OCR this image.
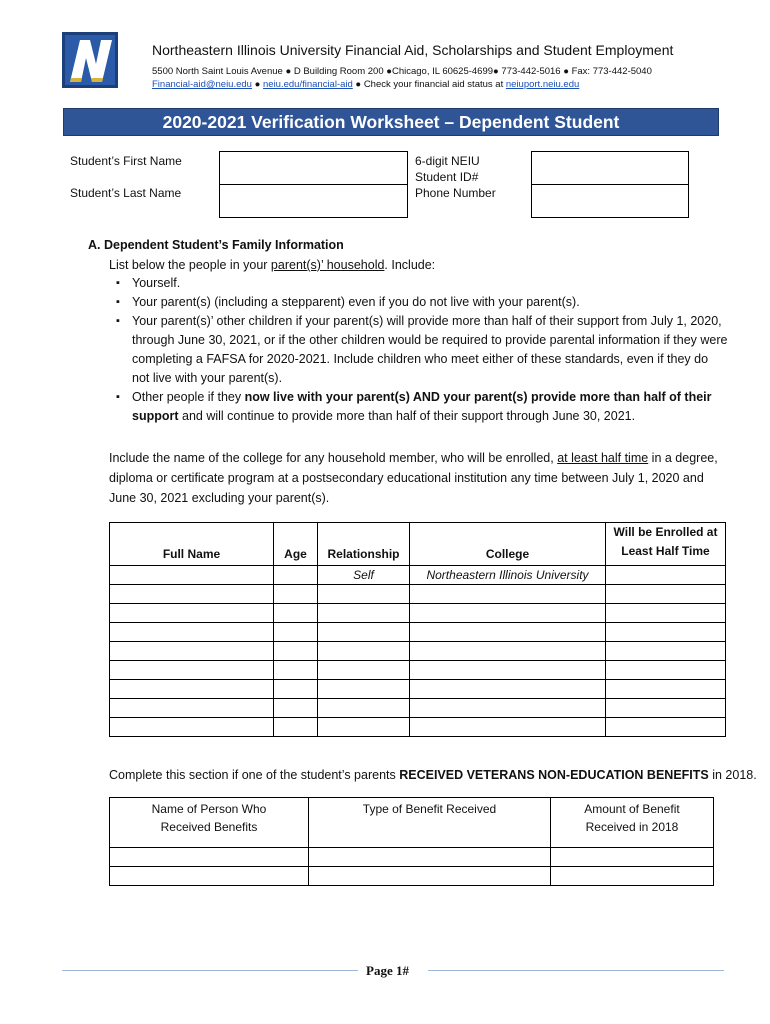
Northeastern Illinois University Financial Aid, Scholarships and Student Employment
5500 North Saint Louis Avenue ● D Building Room 200 ●Chicago, IL 60625-4699● 773-442-5016 ● Fax: 773-442-5040
Financial-aid@neiu.edu ● neiu.edu/financial-aid ● Check your financial aid status at neiuport.neiu.edu
2020-2021 Verification Worksheet – Dependent Student
Student’s First Name
Student’s Last Name
6-digit NEIU
Student ID#
Phone Number
A. Dependent Student’s Family Information
List below the people in your parent(s)’ household. Include:
▪ Yourself.
▪ Your parent(s) (including a stepparent) even if you do not live with your parent(s).
▪ Your parent(s)’ other children if your parent(s) will provide more than half of their support from July 1, 2020, through June 30, 2021, or if the other children would be required to provide parental information if they were completing a FAFSA for 2020-2021. Include children who meet either of these standards, even if they do not live with your parent(s).
▪ Other people if they now live with your parent(s) AND your parent(s) provide more than half of their support and will continue to provide more than half of their support through June 30, 2021.
Include the name of the college for any household member, who will be enrolled, at least half time in a degree, diploma or certificate program at a postsecondary educational institution any time between July 1, 2020 and June 30, 2021 excluding your parent(s).
Full Name	Age	Relationship	College	Will be Enrolled at
Least Half Time
		Self	Northeastern Illinois University	

Complete this section if one of the student’s parents RECEIVED VETERANS NON-EDUCATION BENEFITS in 2018.
Name of Person Who
Received Benefits	Type of Benefit Received	Amount of Benefit
Received in 2018

Page 1#
